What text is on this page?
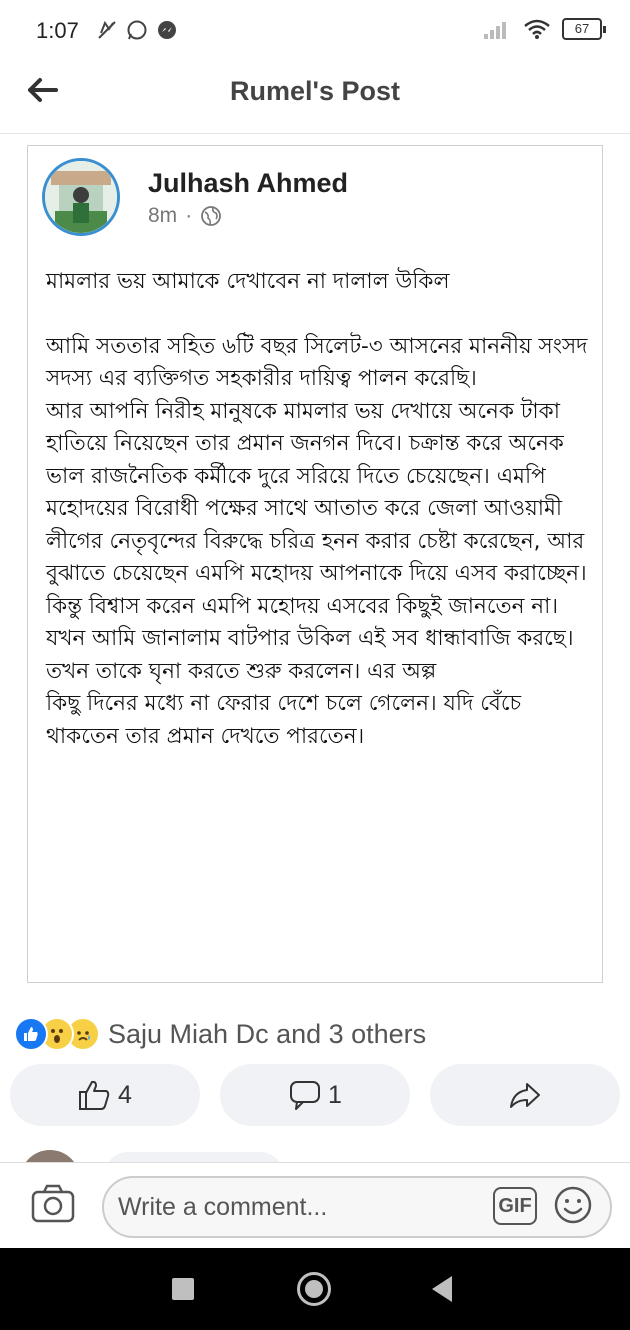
1:07	67
Rumel's Post
Julhash Ahmed
8m ·

মামলার ভয় আমাকে দেখাবেন না দালাল উকিল

আমি সততার সহিত ৬টি বছর সিলেট-৩ আসনের মাননীয় সংসদ সদস্য এর ব্যক্তিগত সহকারীর দায়িত্ব পালন করেছি।

আর আপনি নিরীহ মানুষকে মামলার ভয় দেখায়ে অনেক টাকা হাতিয়ে নিয়েছেন তার প্রমান জনগন দিবে। চক্রান্ত করে অনেক ভাল রাজনৈতিক কর্মীকে দুরে সরিয়ে দিতে চেয়েছেন। এমপি মহোদয়ের বিরোধী পক্ষের সাথে আতাত করে জেলা আওয়ামী লীগের নেতৃবৃন্দের বিরুদ্ধে চরিত্র হনন করার চেষ্টা করেছেন, আর বুঝাতে চেয়েছেন এমপি মহোদয় আপনাকে দিয়ে এসব করাচ্ছেন। কিন্তু বিশ্বাস করেন এমপি মহোদয় এসবের কিছুই জানতেন না। যখন আমি জানালাম বাটপার উকিল এই সব ধান্ধাবাজি করছে। তখন তাকে ঘৃনা করতে শুরু করলেন। এর অল্প

কিছু দিনের মধ্যে না ফেরার দেশে চলে গেলেন। যদি বেঁচে থাকতেন তার প্রমান দেখতে পারতেন।

Saju Miah Dc and 3 others
4	1
Write a comment...
GIF
